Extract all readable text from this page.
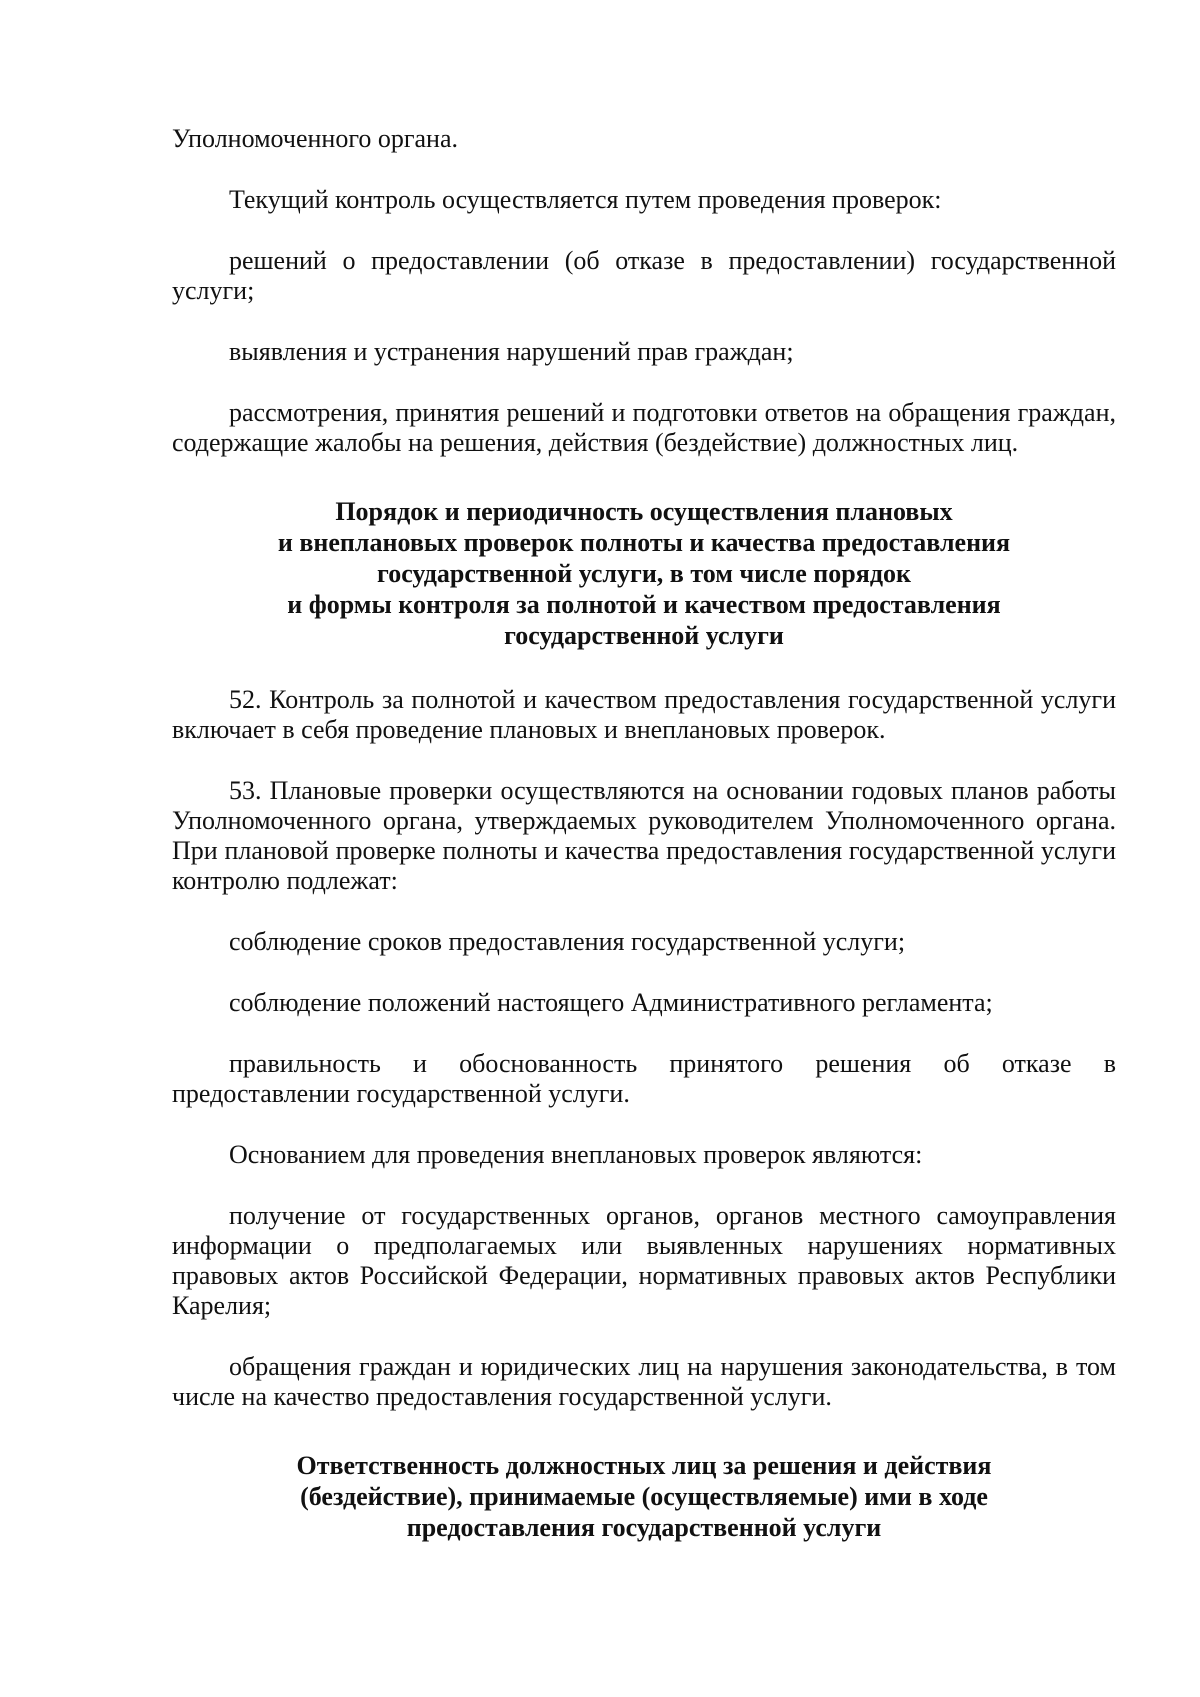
Уполномоченного органа.

Текущий контроль осуществляется путем проведения проверок:

решений о предоставлении (об отказе в предоставлении) государственной услуги;

выявления и устранения нарушений прав граждан;

рассмотрения, принятия решений и подготовки ответов на обращения граждан, содержащие жалобы на решения, действия (бездействие) должностных лиц.

Порядок и периодичность осуществления плановых
и внеплановых проверок полноты и качества предоставления
государственной услуги, в том числе порядок
и формы контроля за полнотой и качеством предоставления
государственной услуги

52. Контроль за полнотой и качеством предоставления государственной услуги включает в себя проведение плановых и внеплановых проверок.

53. Плановые проверки осуществляются на основании годовых планов работы Уполномоченного органа, утверждаемых руководителем Уполномоченного органа. При плановой проверке полноты и качества предоставления государственной услуги контролю подлежат:

соблюдение сроков предоставления государственной услуги;

соблюдение положений настоящего Административного регламента;

правильность и обоснованность принятого решения об отказе в предоставлении государственной услуги.

Основанием для проведения внеплановых проверок являются:

получение от государственных органов, органов местного самоуправления информации о предполагаемых или выявленных нарушениях нормативных правовых актов Российской Федерации, нормативных правовых актов Республики Карелия;

обращения граждан и юридических лиц на нарушения законодательства, в том числе на качество предоставления государственной услуги.

Ответственность должностных лиц за решения и действия
(бездействие), принимаемые (осуществляемые) ими в ходе
предоставления государственной услуги
